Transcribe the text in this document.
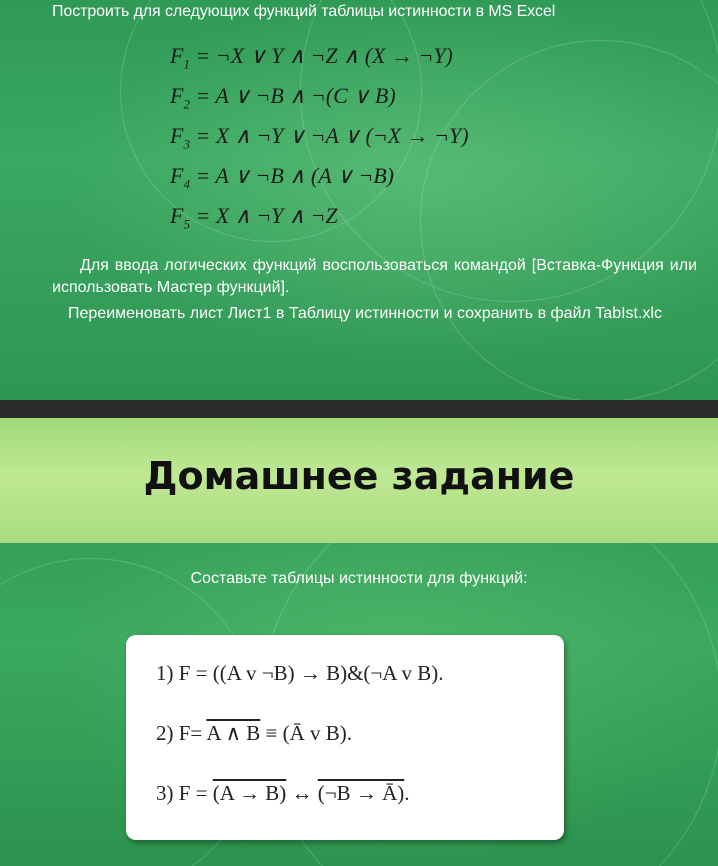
Построить для следующих функций таблицы истинности в MS Excel
$F_1$ = ¬X ∨ Y ∧ ¬Z ∧ (X → ¬Y)
$F_2 = A$ ∨ ¬B ∧ ¬(C ∨ B)
$F_3 = X$ ∧ ¬Y ∨ ¬A ∨ (¬X → ¬Y)
$F_4 = A$ ∨ ¬B ∧ (A ∨ ¬B)
$F_5 = X$ ∧ ¬Y ∧ ¬Z
Для ввода логических функций воспользоваться командой [Вставка-Функция или использовать Мастер функций].
Переименовать лист Лист1 в Таблицу истинности и сохранить в файл TabIst.xlc
Домашнее задание
Составьте таблицы истинности для функций:
1) F = ((A v ¬B) → B)&(¬A v B).
2) F= A ∧ B ≡ (Ā v B).
3) F = (A → B) ↔ (¬B → Ā).
